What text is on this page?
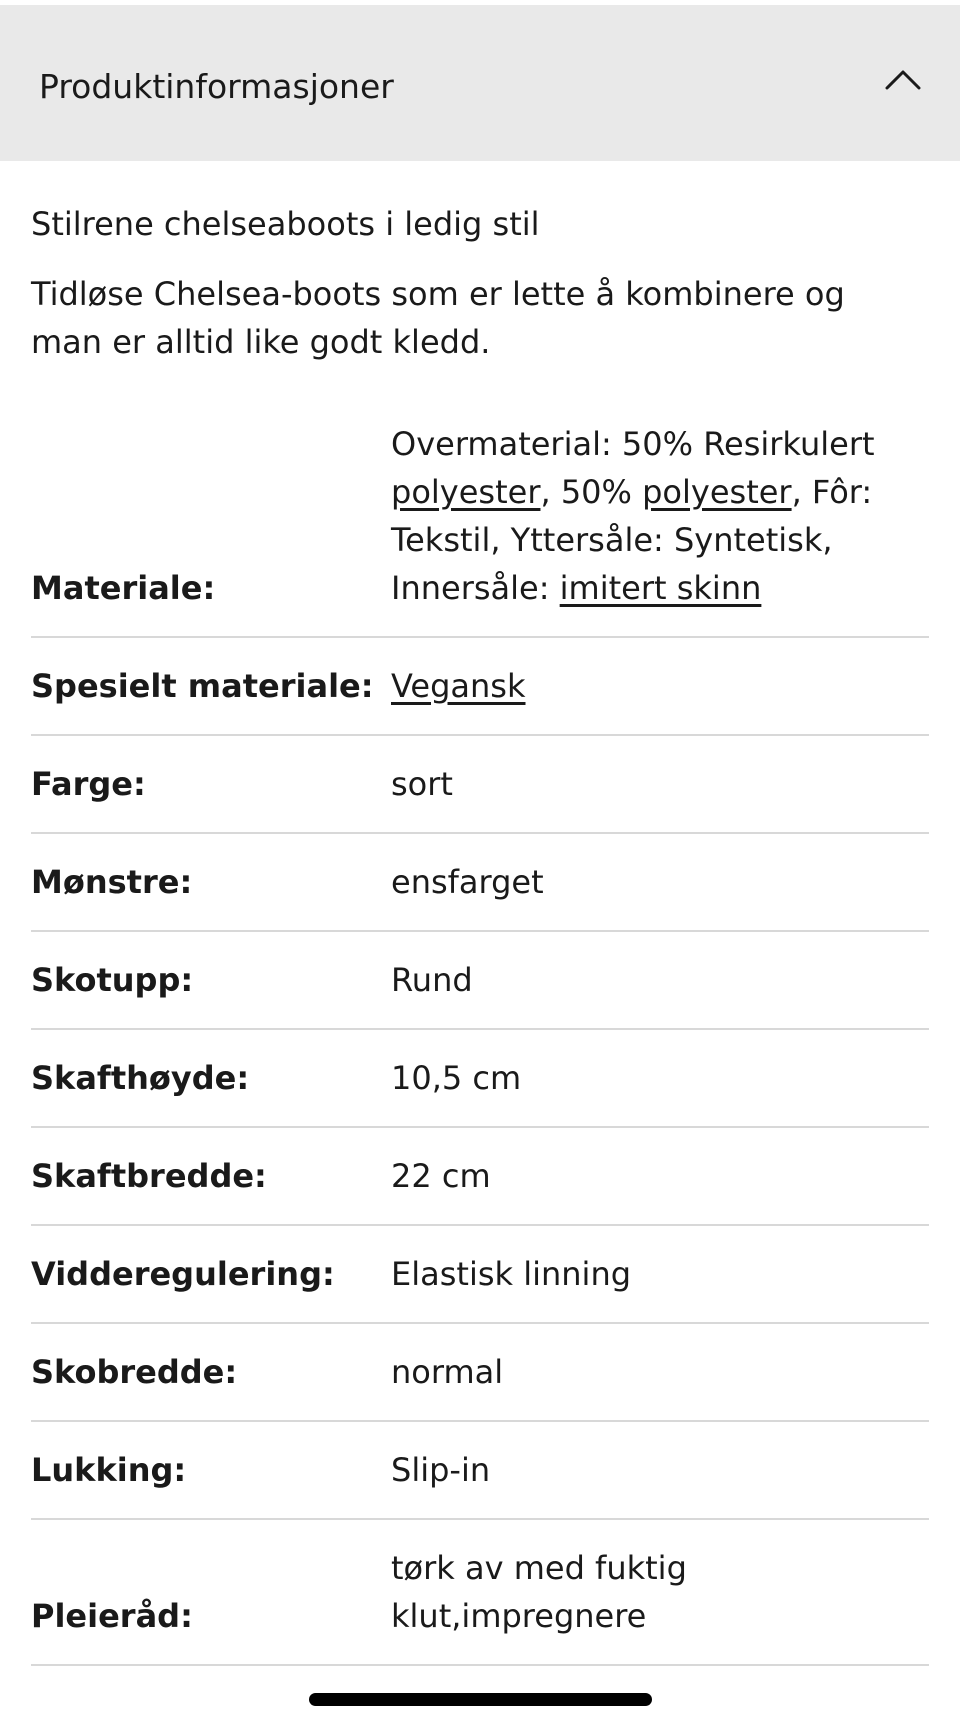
Produktinformasjoner

Stilrene chelseaboots i ledig stil

Tidløse Chelsea-boots som er lette å kombinere og man er alltid like godt kledd.

Materiale:
Overmaterial: 50% Resirkulert polyester, 50% polyester, Fôr: Tekstil, Yttersåle: Syntetisk, Innersåle: imitert skinn
Spesielt materiale: Vegansk
Farge:	sort
Mønstre:	ensfarget
Skotupp:	Rund
Skafthøyde:	10,5 cm
Skaftbredde:	22 cm
Vidderegulering:	Elastisk linning
Skobredde:	normal
Lukking:	Slip-in
Pleieråd:
tørk av med fuktig klut,impregnere
